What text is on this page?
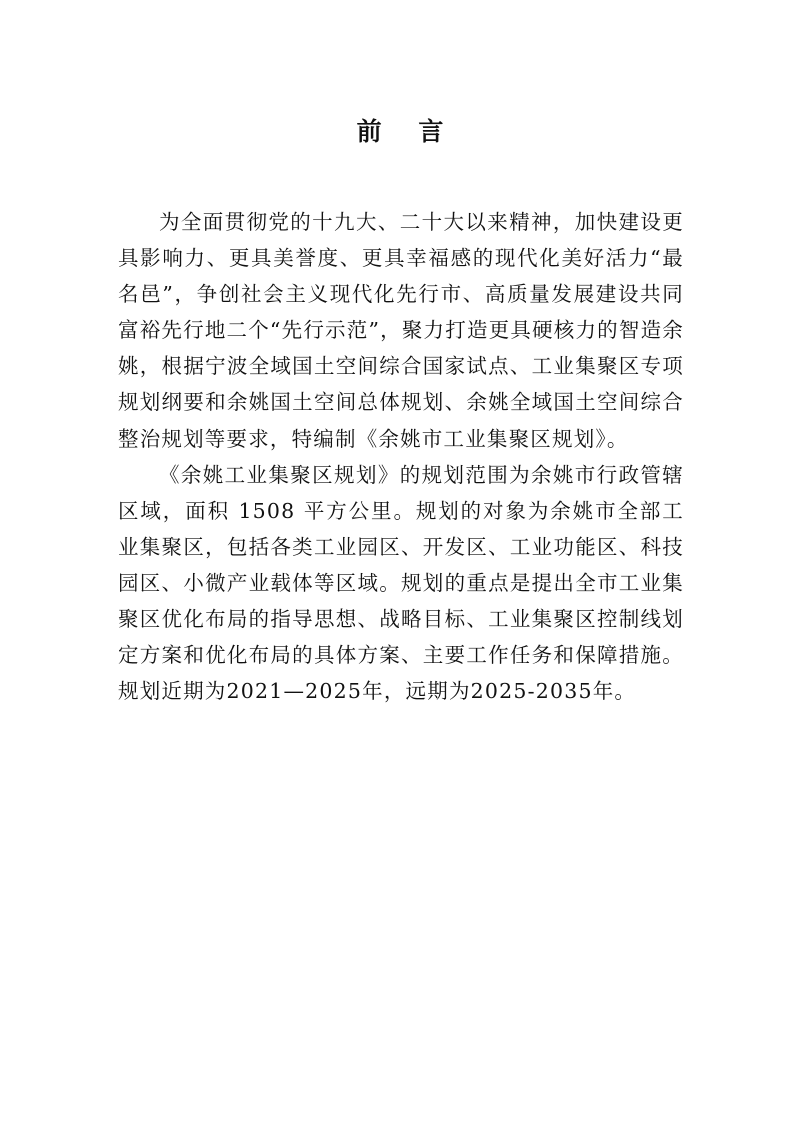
前 言

为全面贯彻党的十九大、二十大以来精神，加快建设更具影响力、更具美誉度、更具幸福感的现代化美好活力“最名邑”，争创社会主义现代化先行市、高质量发展建设共同富裕先行地二个“先行示范”，聚力打造更具硬核力的智造余姚，根据宁波全域国土空间综合国家试点、工业集聚区专项规划纲要和余姚国土空间总体规划、余姚全域国土空间综合整治规划等要求，特编制《余姚市工业集聚区规划》。

《余姚工业集聚区规划》的规划范围为余姚市行政管辖区域，面积 1508 平方公里。规划的对象为余姚市全部工业集聚区，包括各类工业园区、开发区、工业功能区、科技园区、小微产业载体等区域。规划的重点是提出全市工业集聚区优化布局的指导思想、战略目标、工业集聚区控制线划定方案和优化布局的具体方案、主要工作任务和保障措施。规划近期为2021—2025年，远期为2025-2035年。
